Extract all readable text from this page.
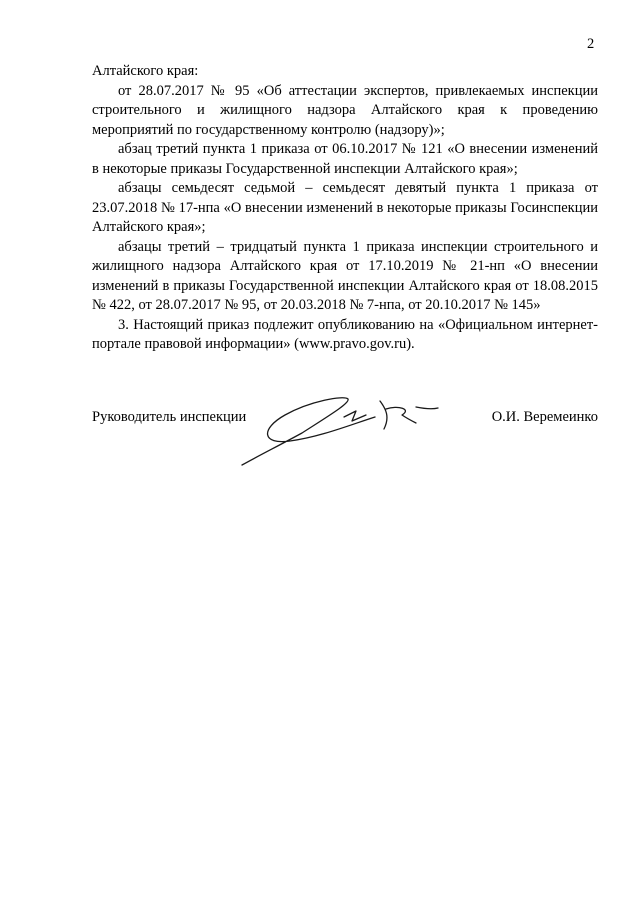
2

Алтайского края:

от 28.07.2017 № 95 «Об аттестации экспертов, привлекаемых инспекции строительного и жилищного надзора Алтайского края к проведению мероприятий по государственному контролю (надзору)»;

абзац третий пункта 1 приказа от 06.10.2017 № 121 «О внесении изменений в некоторые приказы Государственной инспекции Алтайского края»;

абзацы семьдесят седьмой – семьдесят девятый пункта 1 приказа от 23.07.2018 № 17-нпа «О внесении изменений в некоторые приказы Госинспекции Алтайского края»;

абзацы третий – тридцатый пункта 1 приказа инспекции строительного и жилищного надзора Алтайского края от 17.10.2019 № 21-нп «О внесении изменений в приказы Государственной инспекции Алтайского края от 18.08.2015 № 422, от 28.07.2017 № 95, от 20.03.2018 № 7-нпа, от 20.10.2017 № 145»

3. Настоящий приказ подлежит опубликованию на «Официальном интернет-портале правовой информации» (www.pravo.gov.ru).

Руководитель инспекции	О.И. Веремеинко
